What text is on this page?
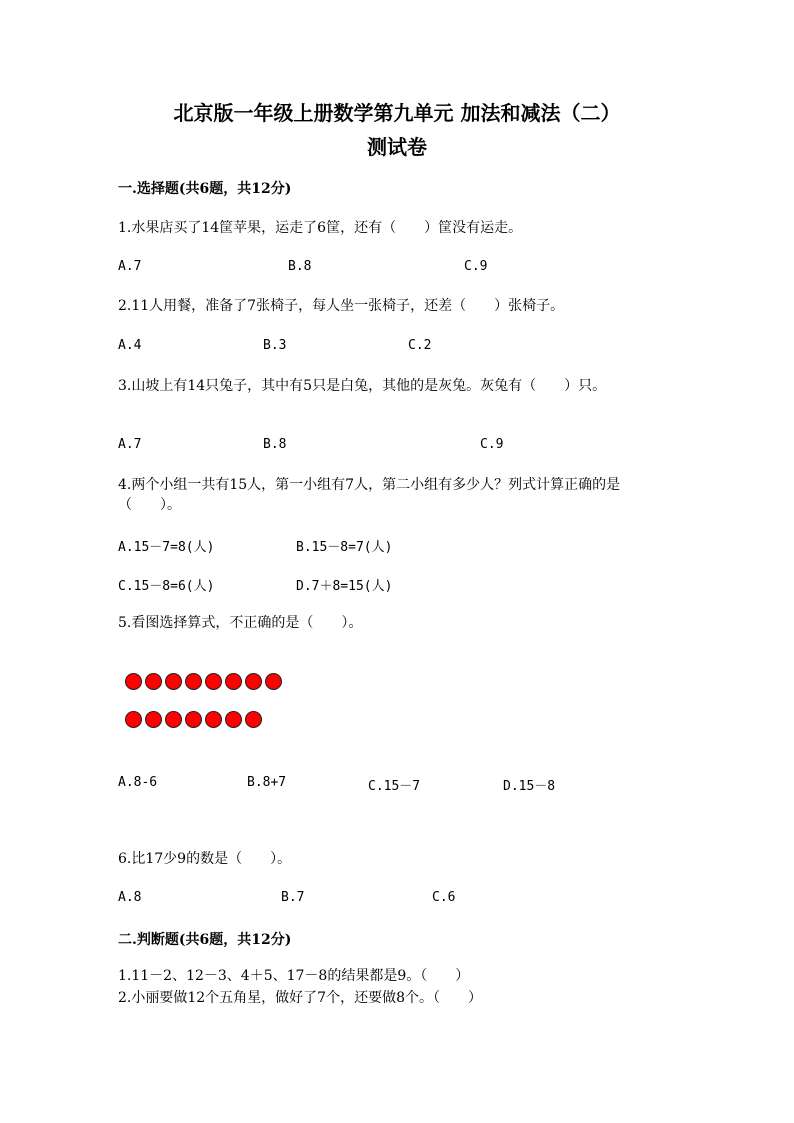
北京版一年级上册数学第九单元 加法和减法（二）
测试卷
一.选择题(共6题，共12分)
1.水果店买了14筐苹果，运走了6筐，还有（　　）筐没有运走。
A.7	B.8	C.9
2.11人用餐，准备了7张椅子，每人坐一张椅子，还差（　　）张椅子。
A.4	B.3	C.2
3.山坡上有14只兔子，其中有5只是白兔，其他的是灰兔。灰兔有（　　）只。
A.7	B.8	C.9
4.两个小组一共有15人，第一小组有7人，第二小组有多少人？列式计算正确的是（　　）。
A.15－7=8(人)	B.15－8=7(人)
C.15－8=6(人)	D.7＋8=15(人)
5.看图选择算式，不正确的是（　　）。
A.8-6	B.8+7	C.15－7	D.15－8
6.比17少9的数是（　　）。
A.8	B.7	C.6
二.判断题(共6题，共12分)
1.11－2、12－3、4＋5、17－8的结果都是9。（　　）
2.小丽要做12个五角星，做好了7个，还要做8个。（　　）
